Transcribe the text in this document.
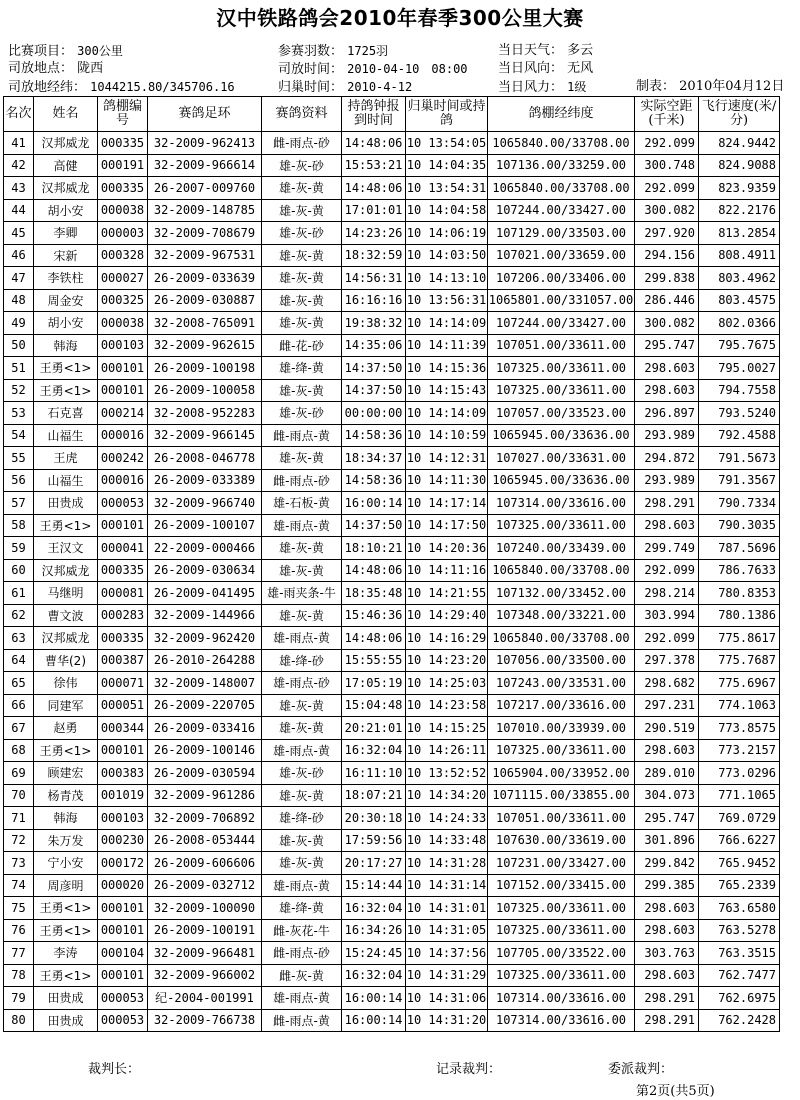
汉中铁路鸽会2010年春季300公里大赛
比赛项目： 300公里	参赛羽数： 1725羽	当日天气： 多云
司放地点： 陇西	司放时间： 2010-04-10　08:00 当日风向： 无风
司放地经纬： 1044215.80/345706.16	归巢时间： 2010-4-12	当日风力： 1级	制表： 2010年04月12日
名次	姓名	鸽棚编号	赛鸽足环	赛鸽资料	持鸽钟报到时间	归巢时间或持鸽	鸽棚经纬度	实际空距(千米)	飞行速度(米/分)
41	汉邦威龙	000335	32-2009-962413	雌-雨点-砂	14:48:06	10 13:54:05	1065840.00/33708.00	292.099	824.9442
42	高健	000191	32-2009-966614	雄-灰-砂	15:53:21	10 14:04:35	107136.00/33259.00	300.748	824.9088
43	汉邦威龙	000335	26-2007-009760	雄-灰-黄	14:48:06	10 13:54:31	1065840.00/33708.00	292.099	823.9359
44	胡小安	000038	32-2009-148785	雄-灰-黄	17:01:01	10 14:04:58	107244.00/33427.00	300.082	822.2176
45	李卿	000003	32-2009-708679	雄-灰-砂	14:23:26	10 14:06:19	107129.00/33503.00	297.920	813.2854
46	宋新	000328	32-2009-967531	雄-灰-黄	18:32:59	10 14:03:50	107021.00/33659.00	294.156	808.4911
47	李铁柱	000027	26-2009-033639	雄-灰-黄	14:56:31	10 14:13:10	107206.00/33406.00	299.838	803.4962
48	周金安	000325	26-2009-030887	雄-灰-黄	16:16:16	10 13:56:31	1065801.00/331057.00	286.446	803.4575
49	胡小安	000038	32-2008-765091	雄-灰-黄	19:38:32	10 14:14:09	107244.00/33427.00	300.082	802.0366
50	韩海	000103	32-2009-962615	雌-花-砂	14:35:06	10 14:11:39	107051.00/33611.00	295.747	795.7675
51	王勇<1>	000101	26-2009-100198	雄-绛-黄	14:37:50	10 14:15:36	107325.00/33611.00	298.603	795.0027
52	王勇<1>	000101	26-2009-100058	雄-灰-黄	14:37:50	10 14:15:43	107325.00/33611.00	298.603	794.7558
53	石克喜	000214	32-2008-952283	雄-灰-砂	00:00:00	10 14:14:09	107057.00/33523.00	296.897	793.5240
54	山福生	000016	32-2009-966145	雌-雨点-黄	14:58:36	10 14:10:59	1065945.00/33636.00	293.989	792.4588
55	王虎	000242	26-2008-046778	雄-灰-黄	18:34:37	10 14:12:31	107027.00/33631.00	294.872	791.5673
56	山福生	000016	26-2009-033389	雌-雨点-砂	14:58:36	10 14:11:30	1065945.00/33636.00	293.989	791.3567
57	田贵成	000053	32-2009-966740	雄-石板-黄	16:00:14	10 14:17:14	107314.00/33616.00	298.291	790.7334
58	王勇<1>	000101	26-2009-100107	雄-雨点-黄	14:37:50	10 14:17:50	107325.00/33611.00	298.603	790.3035
59	王汉文	000041	22-2009-000466	雄-灰-黄	18:10:21	10 14:20:36	107240.00/33439.00	299.749	787.5696
60	汉邦威龙	000335	26-2009-030634	雄-灰-黄	14:48:06	10 14:11:16	1065840.00/33708.00	292.099	786.7633
61	马继明	000081	26-2009-041495	雄-雨夹条-牛	18:35:48	10 14:21:55	107132.00/33452.00	298.214	780.8353
62	曹文波	000283	32-2009-144966	雄-灰-黄	15:46:36	10 14:29:40	107348.00/33221.00	303.994	780.1386
63	汉邦威龙	000335	32-2009-962420	雄-雨点-黄	14:48:06	10 14:16:29	1065840.00/33708.00	292.099	775.8617
64	曹华(2)	000387	26-2010-264288	雄-绛-砂	15:55:55	10 14:23:20	107056.00/33500.00	297.378	775.7687
65	徐伟	000071	32-2009-148007	雄-雨点-砂	17:05:19	10 14:25:03	107243.00/33531.00	298.682	775.6967
66	同建军	000051	26-2009-220705	雄-灰-黄	15:04:48	10 14:23:58	107217.00/33616.00	297.231	774.1063
67	赵勇	000344	26-2009-033416	雄-灰-黄	20:21:01	10 14:15:25	107010.00/33939.00	290.519	773.8575
68	王勇<1>	000101	26-2009-100146	雄-雨点-黄	16:32:04	10 14:26:11	107325.00/33611.00	298.603	773.2157
69	顾建宏	000383	26-2009-030594	雄-灰-砂	16:11:10	10 13:52:52	1065904.00/33952.00	289.010	773.0296
70	杨青茂	001019	32-2009-961286	雄-灰-黄	18:07:21	10 14:34:20	1071115.00/33855.00	304.073	771.1065
71	韩海	000103	32-2009-706892	雄-绛-砂	20:30:18	10 14:24:33	107051.00/33611.00	295.747	769.0729
72	朱万发	000230	26-2008-053444	雄-灰-黄	17:59:56	10 14:33:48	107630.00/33619.00	301.896	766.6227
73	宁小安	000172	26-2009-606606	雄-灰-黄	20:17:27	10 14:31:28	107231.00/33427.00	299.842	765.9452
74	周彦明	000020	26-2009-032712	雄-雨点-黄	15:14:44	10 14:31:14	107152.00/33415.00	299.385	765.2339
75	王勇<1>	000101	32-2009-100090	雄-绛-黄	16:32:04	10 14:31:01	107325.00/33611.00	298.603	763.6580
76	王勇<1>	000101	26-2009-100191	雌-灰花-牛	16:34:26	10 14:31:05	107325.00/33611.00	298.603	763.5278
77	李涛	000104	32-2009-966481	雌-雨点-砂	15:24:45	10 14:37:56	107705.00/33522.00	303.763	763.3515
78	王勇<1>	000101	32-2009-966002	雌-灰-黄	16:32:04	10 14:31:29	107325.00/33611.00	298.603	762.7477
79	田贵成	000053	纪-2004-001991	雄-雨点-黄	16:00:14	10 14:31:06	107314.00/33616.00	298.291	762.6975
80	田贵成	000053	32-2009-766738	雌-雨点-黄	16:00:14	10 14:31:20	107314.00/33616.00	298.291	762.2428
裁判长：	记录裁判：	委派裁判：
第2页(共5页)
